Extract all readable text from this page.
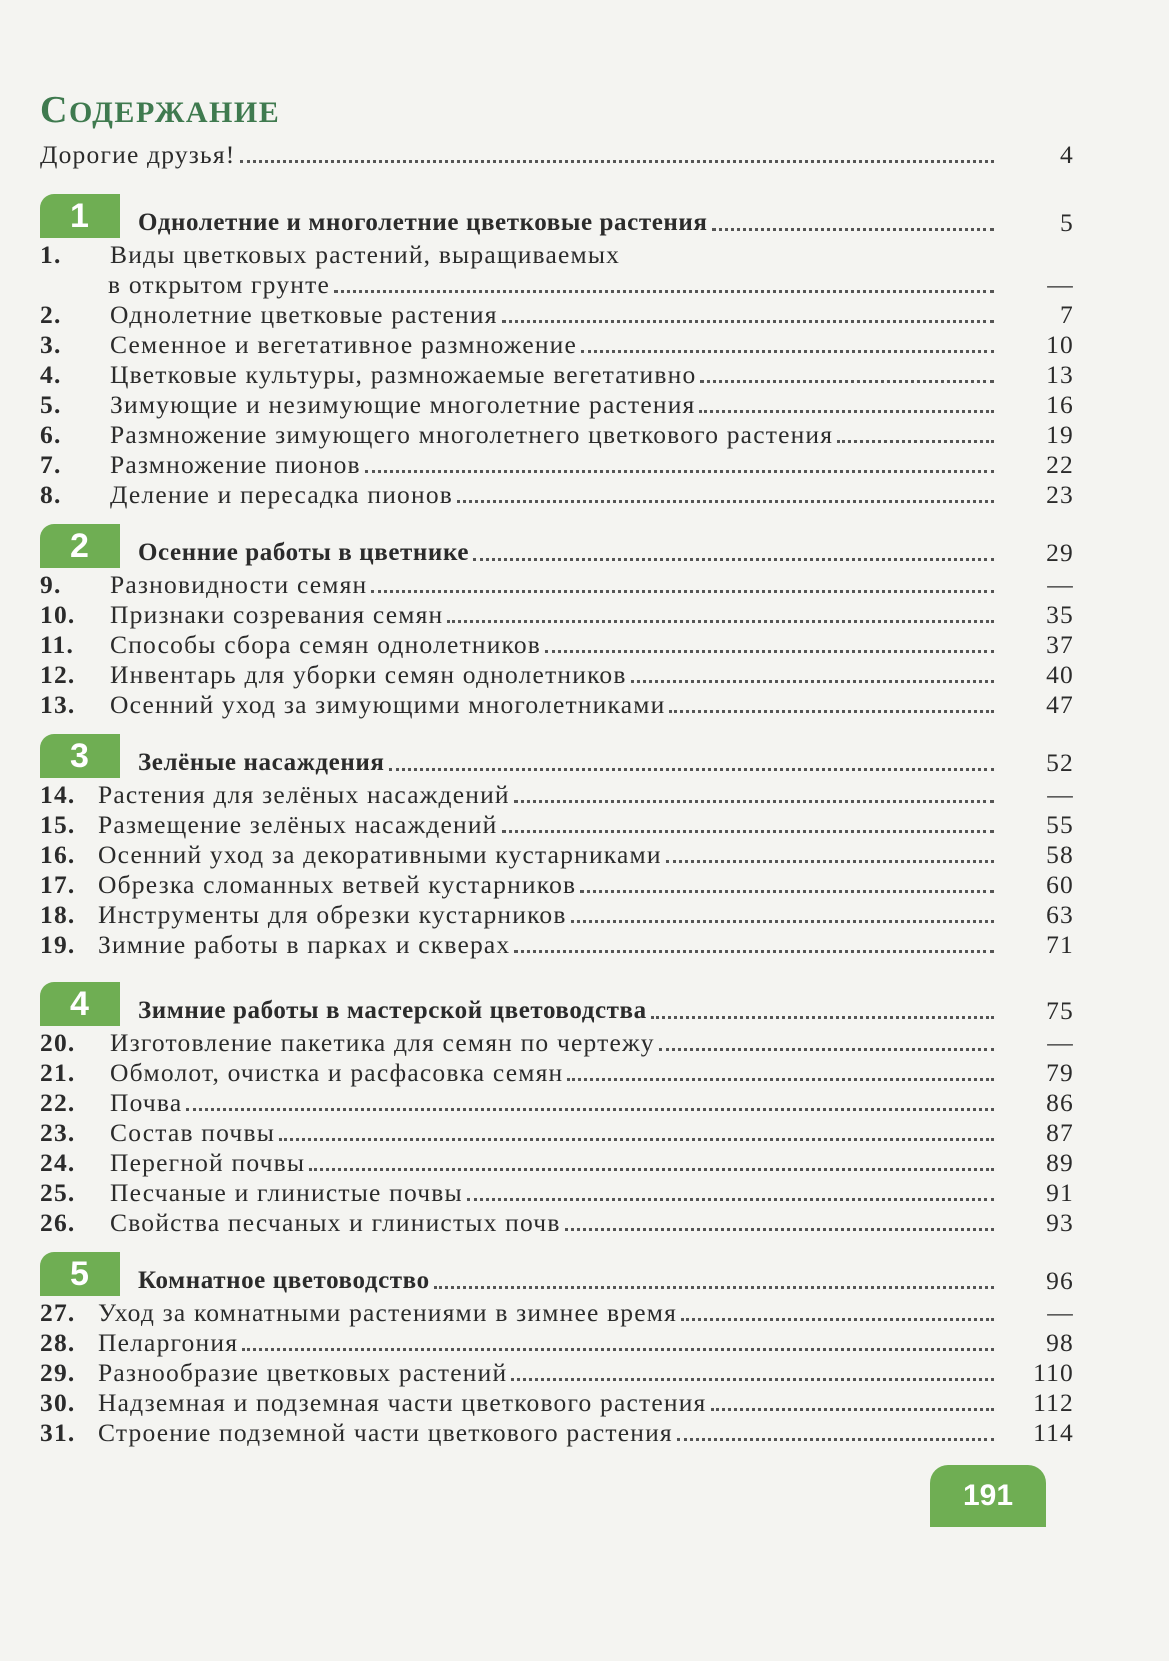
СОДЕРЖАНИЕ
Дорогие друзья!	4
1	Однолетние и многолетние цветковые растения	5
1.	Виды цветковых растений, выращиваемых
в открытом грунте	—
2.	Однолетние цветковые растения	7
3.	Семенное и вегетативное размножение	10
4.	Цветковые культуры, размножаемые вегетативно	13
5.	Зимующие и незимующие многолетние растения	16
6.	Размножение зимующего многолетнего цветкового растения	19
7.	Размножение пионов	22
8.	Деление и пересадка пионов	23
2	Осенние работы в цветнике	29
9.	Разновидности семян	—
10.	Признаки созревания семян	35
11.	Способы сбора семян однолетников	37
12.	Инвентарь для уборки семян однолетников	40
13.	Осенний уход за зимующими многолетниками	47
3	Зелёные насаждения	52
14. Растения для зелёных насаждений	—
15. Размещение зелёных насаждений	55
16. Осенний уход за декоративными кустарниками	58
17. Обрезка сломанных ветвей кустарников	60
18. Инструменты для обрезки кустарников	63
19. Зимние работы в парках и скверах	71
4	Зимние работы в мастерской цветоводства	75
20.	Изготовление пакетика для семян по чертежу	—
21.	Обмолот, очистка и расфасовка семян	79
22.	Почва	86
23.	Состав почвы	87
24.	Перегной почвы	89
25.	Песчаные и глинистые почвы	91
26.	Свойства песчаных и глинистых почв	93
5	Комнатное цветоводство	96
27. Уход за комнатными растениями в зимнее время	—
28. Пеларгония	98
29. Разнообразие цветковых растений	110
30. Надземная и подземная части цветкового растения	112
31. Строение подземной части цветкового растения	114
191
